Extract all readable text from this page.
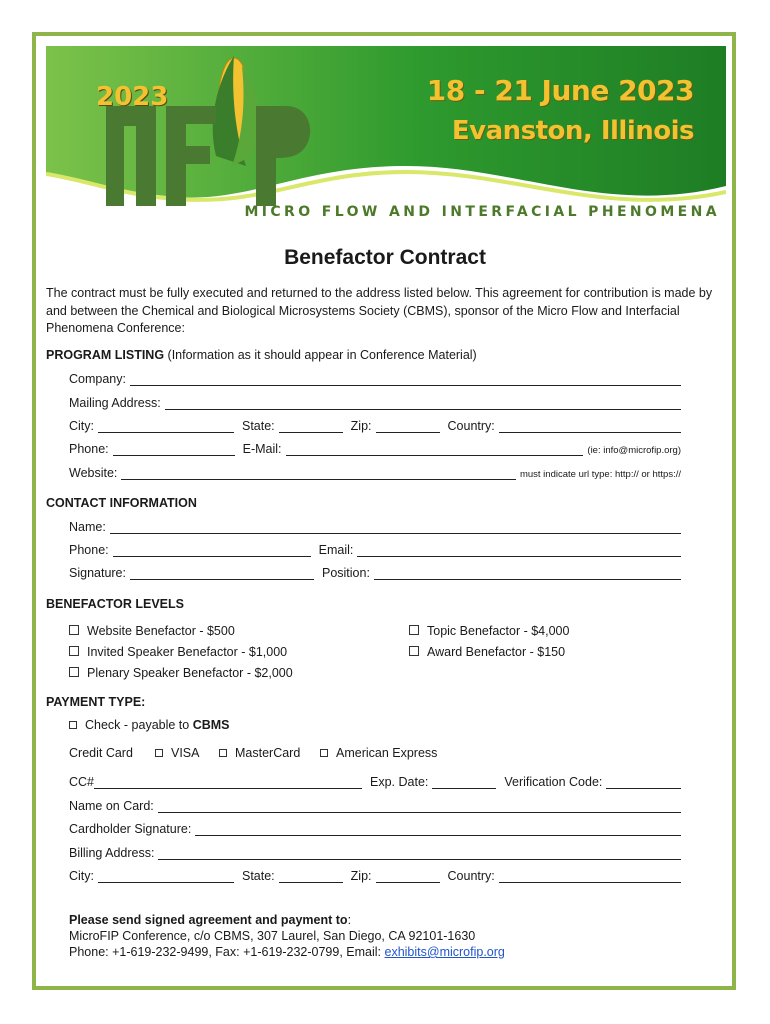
2023	18 - 21 June 2023
Evanston, Illinois
MICRO FLOW AND INTERFACIAL PHENOMENA
Benefactor Contract

The contract must be fully executed and returned to the address listed below. This agreement for contribution is made by and between the Chemical and Biological Microsystems Society (CBMS), sponsor of the Micro Flow and Interfacial Phenomena Conference:

PROGRAM LISTING (Information as it should appear in Conference Material)
Company:
Mailing Address:
City:	State:	Zip:	Country:
Phone:	E-Mail:	(ie: info@microfip.org)
Website:	must indicate url type: http:// or https://
CONTACT INFORMATION
Name:
Phone:	Email:
Signature:	Position:
BENEFACTOR LEVELS
Website Benefactor - $500
Invited Speaker Benefactor - $1,000
Plenary Speaker Benefactor - $2,000
Topic Benefactor - $4,000
Award Benefactor - $150
PAYMENT TYPE:
Check - payable to CBMS
Credit Card	VISA	MasterCard	American Express
CC#	Exp. Date:	Verification Code:
Name on Card:
Cardholder Signature:
Billing Address:
City:	State:	Zip:	Country:
Please send signed agreement and payment to:
MicroFIP Conference, c/o CBMS, 307 Laurel, San Diego, CA 92101-1630
Phone: +1-619-232-9499, Fax: +1-619-232-0799, Email: exhibits@microfip.org
